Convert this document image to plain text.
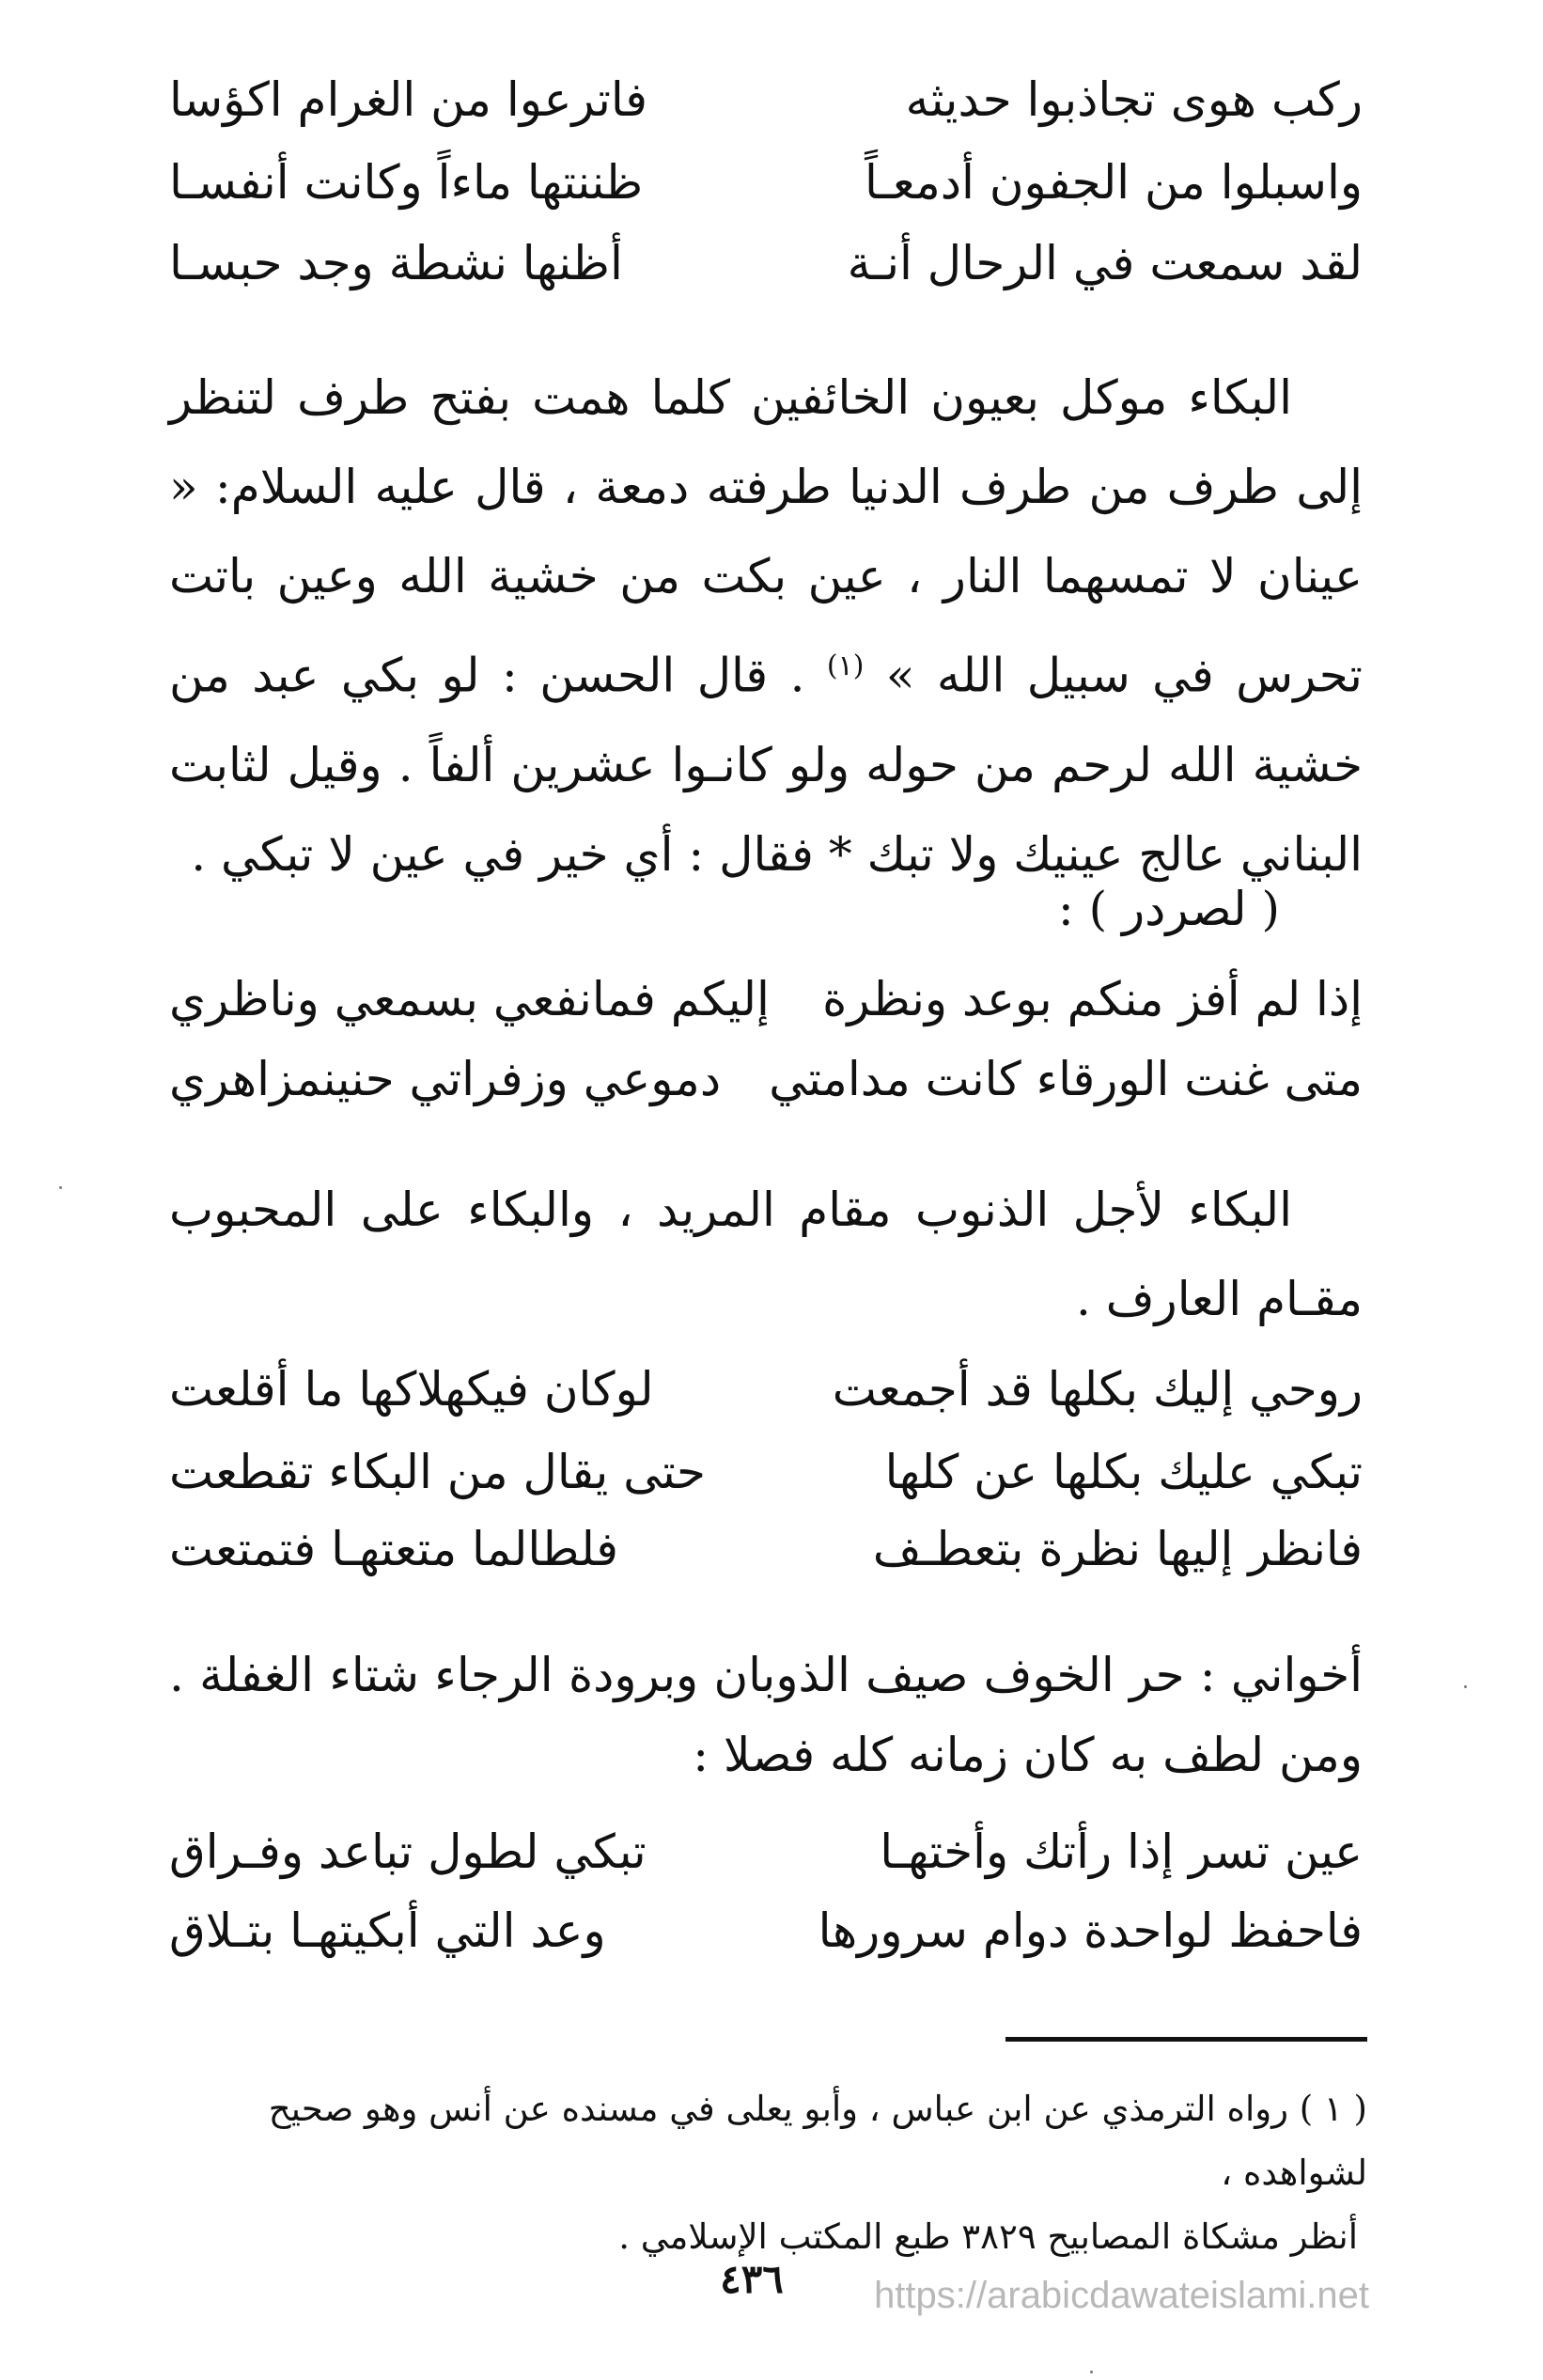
ركب هوى تجاذبوا حديثه
فاترعوا من الغرام اكؤسا
واسبلوا من الجفون أدمعـاً
ظننتها ماءاً وكانت أنفسـا
لقد سمعت في الرحال أنـة
أظنها نشطة وجد حبسـا
البكاء موكل بعيون الخائفين كلما همت بفتح طرف لتنظر إلى طرف من طرف الدنيا طرفته دمعة ، قال عليه السلام: « عينان لا تمسهما النار ، عين بكت من خشية الله وعين باتت تحرس في سبيل الله » $^{(١)}$ . قال الحسن : لو بكي عبد من خشية الله لرحم من حوله ولو كانـوا عشرين ألفاً . وقيل لثابت البناني عالج عينيك ولا تبك * فقال : أي خير في عين لا تبكي .
( لصردر ) :
إذا لم أفز منكم بوعد ونظرة
إليكم فمانفعي بسمعي وناظري
متى غنت الورقاء كانت مدامتي
دموعي وزفراتي حنينمزاهري
البكاء لأجل الذنوب مقام المريد ، والبكاء على المحبوب مقـام العارف .
روحي إليك بكلها قد أجمعت
لوكان فيكهلاكها ما أقلعت
تبكي عليك بكلها عن كلها
حتى يقال من البكاء تقطعت
فانظر إليها نظرة بتعطـف
فلطالما متعتهـا فتمتعت
أخواني : حر الخوف صيف الذوبان وبرودة الرجاء شتاء الغفلة . ومن لطف به كان زمانه كله فصلا :
عين تسر إذا رأتك وأختهـا
تبكي لطول تباعد وفـراق
فاحفظ لواحدة دوام سرورها
وعد التي أبكيتهـا بتـلاق
( ١ ) رواه الترمذي عن ابن عباس ، وأبو يعلى في مسنده عن أنس وهو صحيح لشواهده ،
أنظر مشكاة المصابيح ٣٨٢٩ طبع المكتب الإسلامي .
٤٣٦	https://arabicdawateislami.net
